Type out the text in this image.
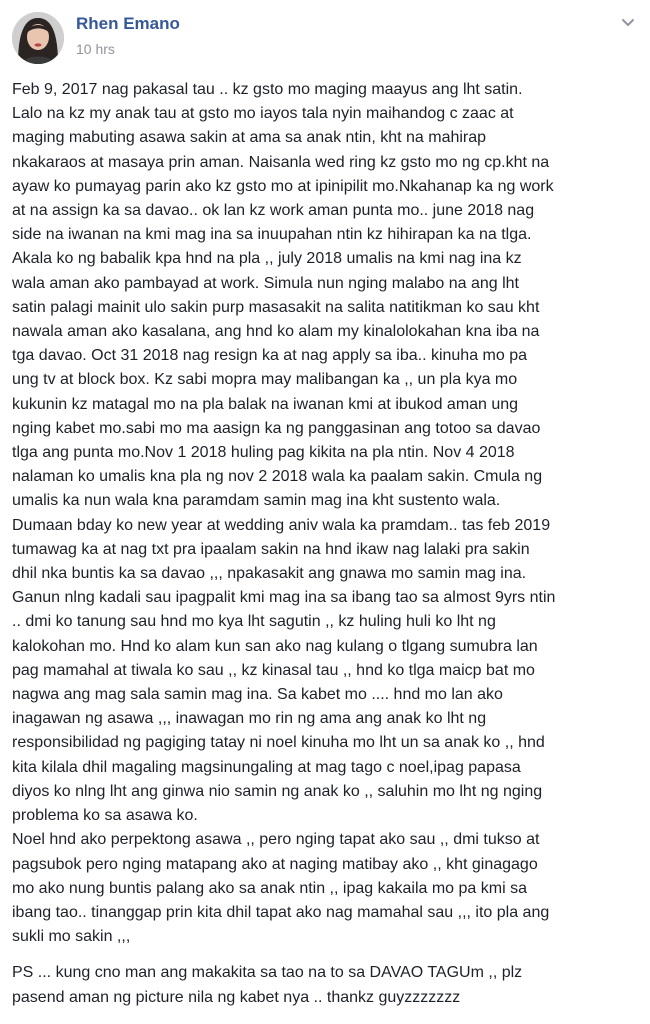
Rhen Emano
10 hrs

Feb 9, 2017 nag pakasal tau .. kz gsto mo maging maayus ang lht satin.

Lalo na kz my anak tau at gsto mo iayos tala nyin maihandog c zaac at

maging mabuting asawa sakin at ama sa anak ntin, kht na mahirap

nkakaraos at masaya prin aman. Naisanla wed ring kz gsto mo ng cp.kht na

ayaw ko pumayag parin ako kz gsto mo at ipinipilit mo.Nkahanap ka ng work

at na assign ka sa davao.. ok lan kz work aman punta mo.. june 2018 nag

side na iwanan na kmi mag ina sa inuupahan ntin kz hihirapan ka na tlga.

Akala ko ng babalik kpa hnd na pla ,, july 2018 umalis na kmi nag ina kz

wala aman ako pambayad at work. Simula nun nging malabo na ang lht

satin palagi mainit ulo sakin purp masasakit na salita natitikman ko sau kht

nawala aman ako kasalana, ang hnd ko alam my kinalolokahan kna iba na

tga davao. Oct 31 2018 nag resign ka at nag apply sa iba.. kinuha mo pa

ung tv at block box. Kz sabi mopra may malibangan ka ,, un pla kya mo

kukunin kz matagal mo na pla balak na iwanan kmi at ibukod aman ung

nging kabet mo.sabi mo ma aasign ka ng panggasinan ang totoo sa davao

tlga ang punta mo.Nov 1 2018 huling pag kikita na pla ntin. Nov 4 2018

nalaman ko umalis kna pla ng nov 2 2018 wala ka paalam sakin. Cmula ng

umalis ka nun wala kna paramdam samin mag ina kht sustento wala.

Dumaan bday ko new year at wedding aniv wala ka pramdam.. tas feb 2019

tumawag ka at nag txt pra ipaalam sakin na hnd ikaw nag lalaki pra sakin

dhil nka buntis ka sa davao ,,, npakasakit ang gnawa mo samin mag ina.

Ganun nlng kadali sau ipagpalit kmi mag ina sa ibang tao sa almost 9yrs ntin

.. dmi ko tanung sau hnd mo kya lht sagutin ,, kz huling huli ko lht ng

kalokohan mo. Hnd ko alam kun san ako nag kulang o tlgang sumubra lan

pag mamahal at tiwala ko sau ,, kz kinasal tau ,, hnd ko tlga maicp bat mo

nagwa ang mag sala samin mag ina. Sa kabet mo .... hnd mo lan ako

inagawan ng asawa ,,, inawagan mo rin ng ama ang anak ko lht ng

responsibilidad ng pagiging tatay ni noel kinuha mo lht un sa anak ko ,, hnd

kita kilala dhil magaling magsinungaling at mag tago c noel,ipag papasa

diyos ko nlng lht ang ginwa nio samin ng anak ko ,, saluhin mo lht ng nging

problema ko sa asawa ko.

Noel hnd ako perpektong asawa ,, pero nging tapat ako sau ,, dmi tukso at

pagsubok pero nging matapang ako at naging matibay ako ,, kht ginagago

mo ako nung buntis palang ako sa anak ntin ,, ipag kakaila mo pa kmi sa

ibang tao.. tinanggap prin kita dhil tapat ako nag mamahal sau ,,, ito pla ang

sukli mo sakin ,,,

PS ... kung cno man ang makakita sa tao na to sa DAVAO TAGUm ,, plz

pasend aman ng picture nila ng kabet nya .. thankz guyzzzzzzz
